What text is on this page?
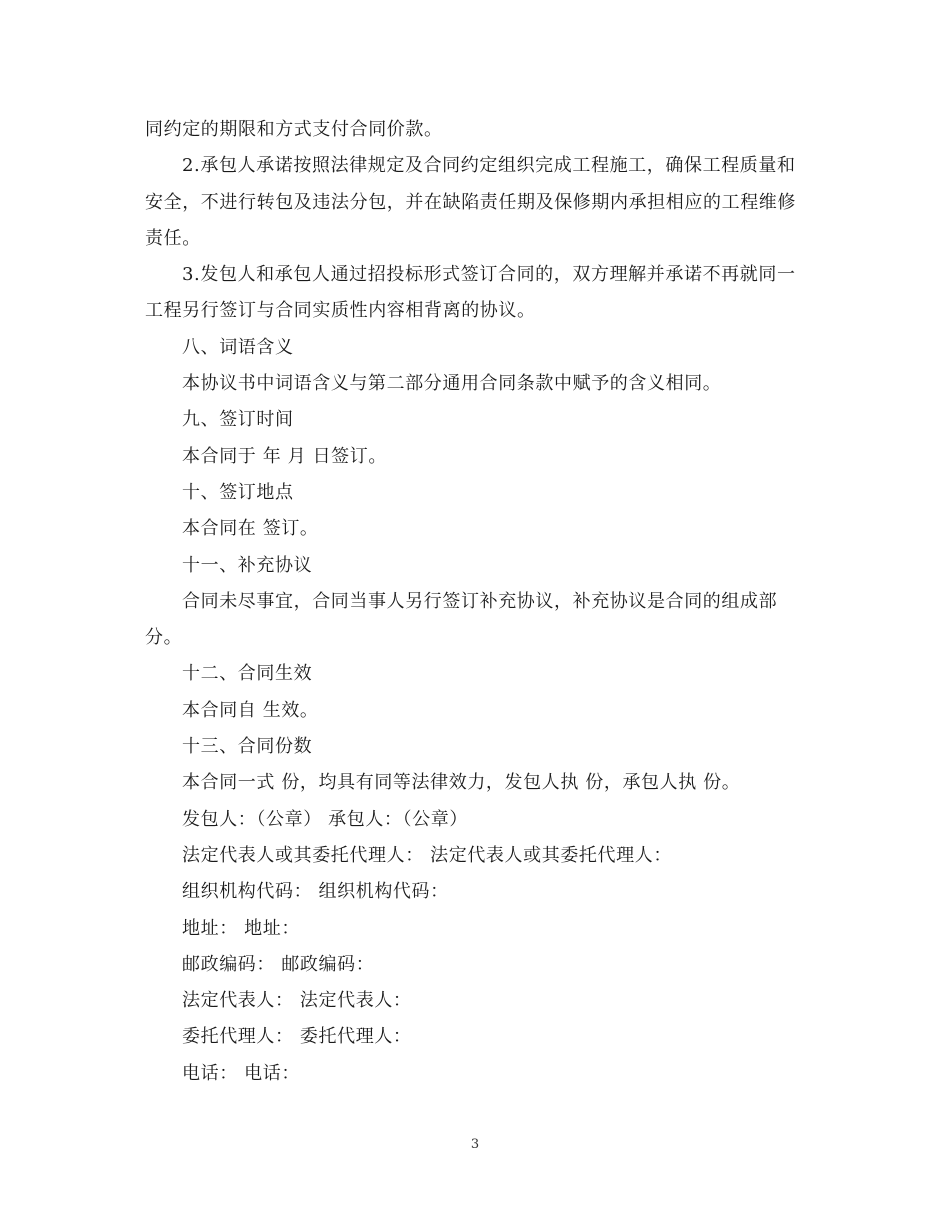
同约定的期限和方式支付合同价款。
2.承包人承诺按照法律规定及合同约定组织完成工程施工，确保工程质量和
安全，不进行转包及违法分包，并在缺陷责任期及保修期内承担相应的工程维修
责任。
3.发包人和承包人通过招投标形式签订合同的，双方理解并承诺不再就同一
工程另行签订与合同实质性内容相背离的协议。
八、词语含义
本协议书中词语含义与第二部分通用合同条款中赋予的含义相同。
九、签订时间
本合同于 年 月 日签订。
十、签订地点
本合同在 签订。
十一、补充协议
合同未尽事宜，合同当事人另行签订补充协议，补充协议是合同的组成部
分。
十二、合同生效
本合同自 生效。
十三、合同份数
本合同一式 份，均具有同等法律效力，发包人执 份，承包人执 份。
发包人：（公章） 承包人：（公章）
法定代表人或其委托代理人： 法定代表人或其委托代理人：
组织机构代码： 组织机构代码：
地址： 地址：
邮政编码： 邮政编码：
法定代表人： 法定代表人：
委托代理人： 委托代理人：
电话： 电话：
3
